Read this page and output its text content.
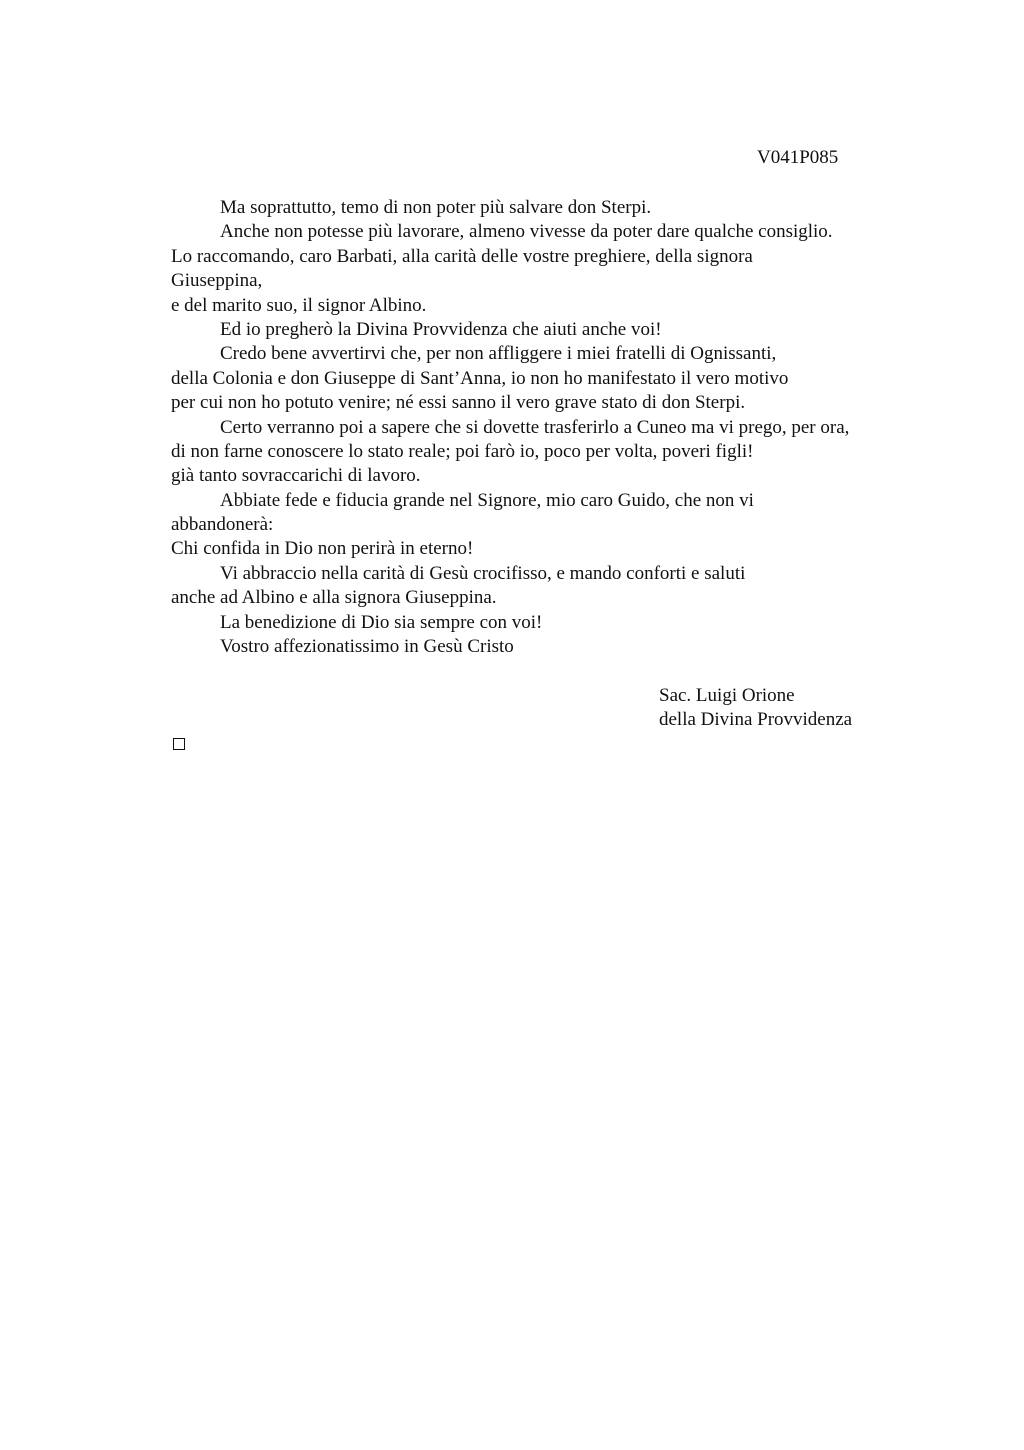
V041P085
Ma soprattutto, temo di non poter più salvare don Sterpi.
Anche non potesse più lavorare, almeno vivesse da poter dare qualche consiglio.
Lo raccomando, caro Barbati, alla carità delle vostre preghiere, della signora
Giuseppina,
e del marito suo, il signor Albino.
Ed io pregherò la Divina Provvidenza che aiuti anche voi!
Credo bene avvertirvi che, per non affliggere i miei fratelli di Ognissanti,
della Colonia e don Giuseppe di Sant’Anna, io non ho manifestato il vero motivo
per cui non ho potuto venire; né essi sanno il vero grave stato di don Sterpi.
Certo verranno poi a sapere che si dovette trasferirlo a Cuneo ma vi prego, per ora,
di non farne conoscere lo stato reale; poi farò io, poco per volta, poveri figli!
già tanto sovraccarichi di lavoro.
Abbiate fede e fiducia grande nel Signore, mio caro Guido, che non vi
abbandonerà:
Chi confida in Dio non perirà in eterno!
Vi abbraccio nella carità di Gesù crocifisso, e mando conforti e saluti
anche ad Albino e alla signora Giuseppina.
La benedizione di Dio sia sempre con voi!
Vostro affezionatissimo in Gesù Cristo
Sac. Luigi Orione
della Divina Provvidenza
